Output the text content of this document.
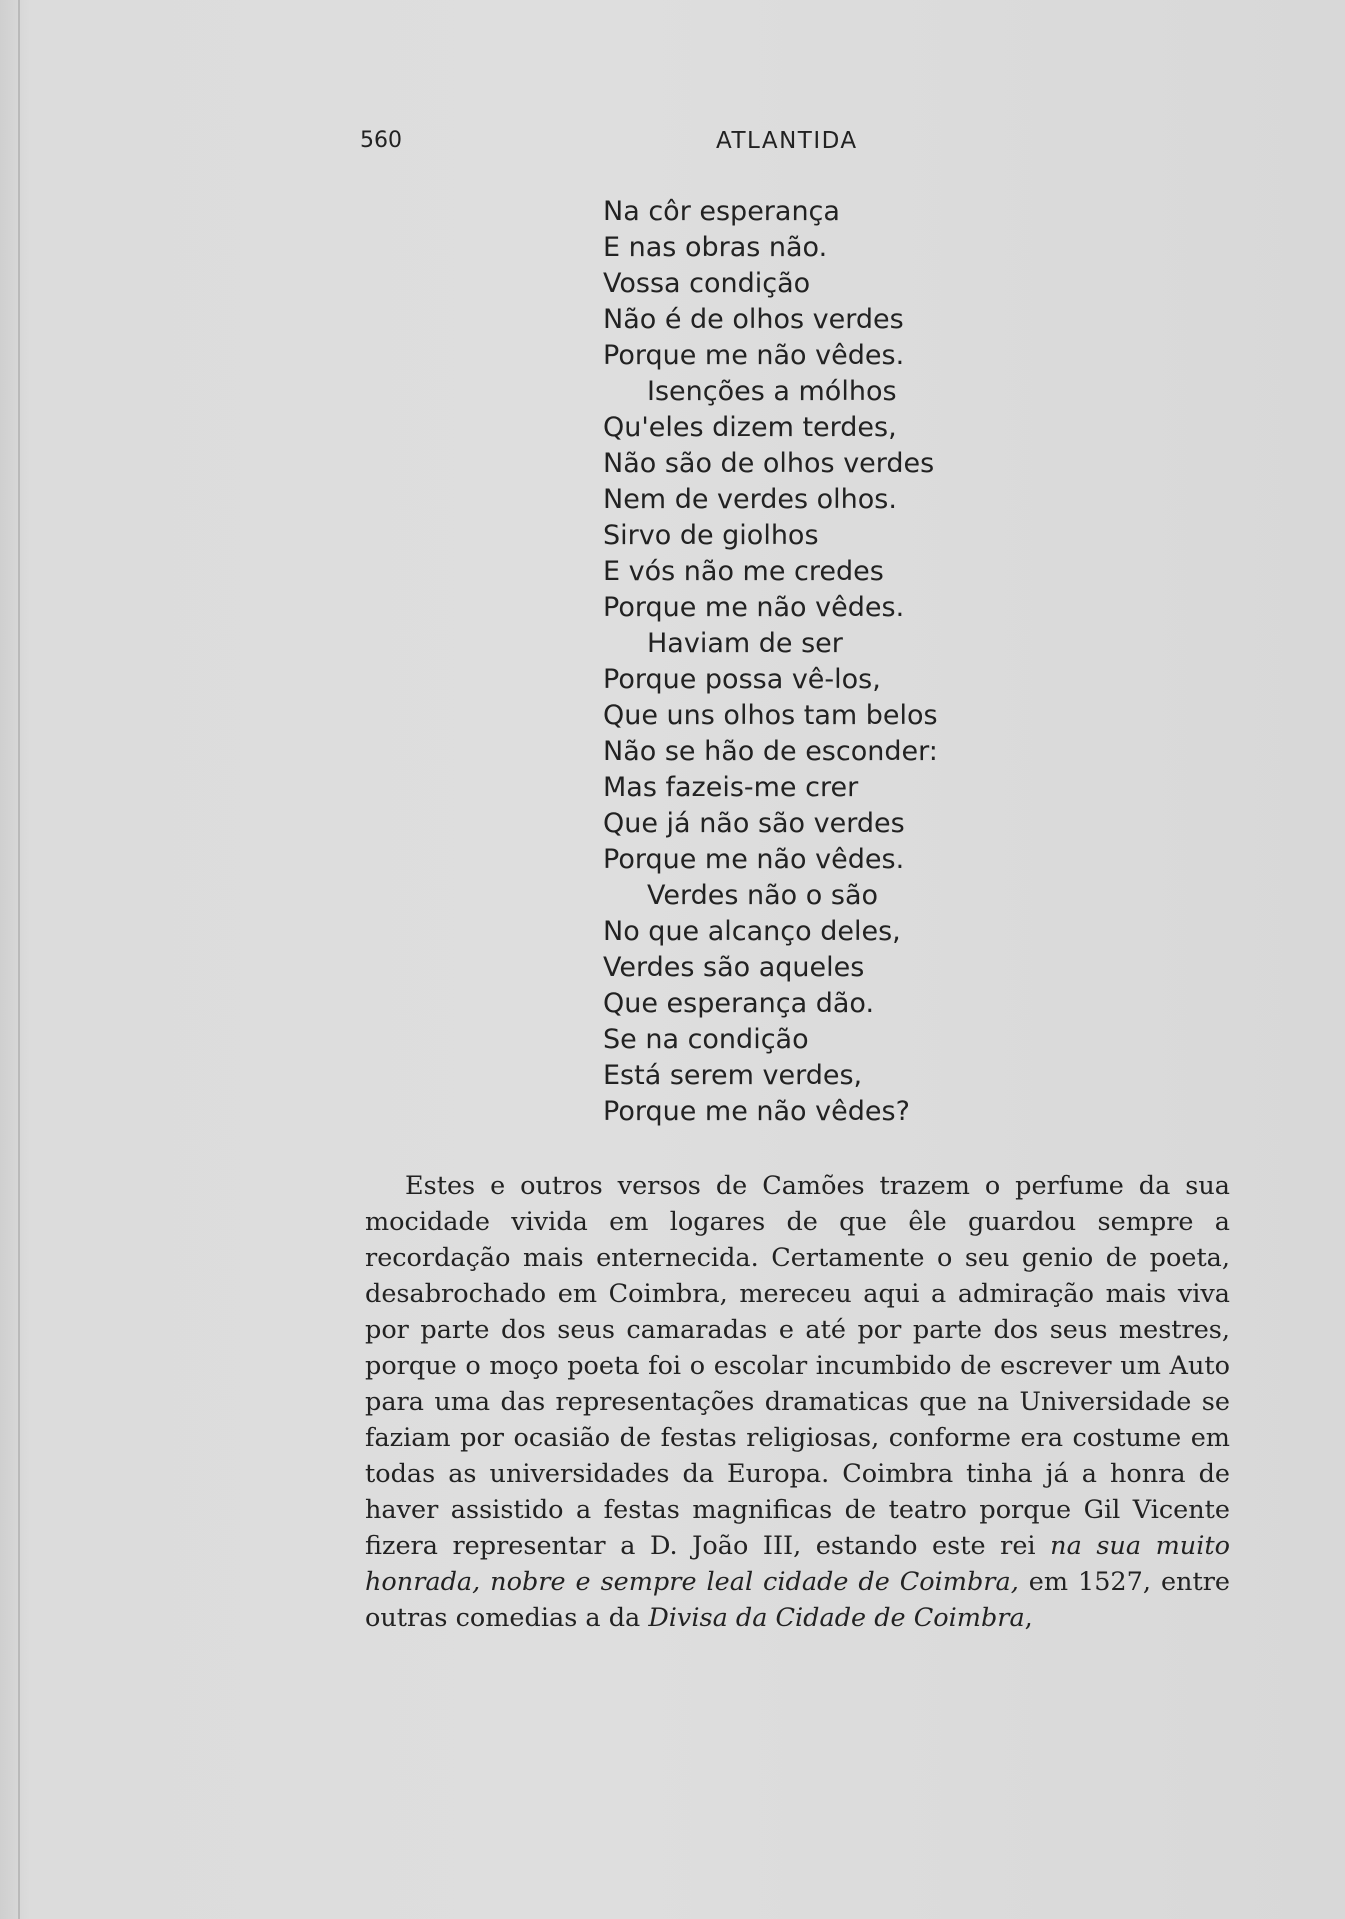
560	ATLANTIDA
Na côr esperança
E nas obras não.
Vossa condição
Não é de olhos verdes
Porque me não vêdes.
Isenções a mólhos
Qu'eles dizem terdes,
Não são de olhos verdes
Nem de verdes olhos.
Sirvo de giolhos
E vós não me credes
Porque me não vêdes.
Haviam de ser
Porque possa vê-los,
Que uns olhos tam belos
Não se hão de esconder:
Mas fazeis-me crer
Que já não são verdes
Porque me não vêdes.
Verdes não o são
No que alcanço deles,
Verdes são aqueles
Que esperança dão.
Se na condição
Está serem verdes,
Porque me não vêdes?

Estes e outros versos de Camões trazem o perfume da sua mocidade vivida em logares de que êle guardou sempre a recordação mais enternecida. Certamente o seu genio de poeta, desabrochado em Coimbra, mereceu aqui a admiração mais viva por parte dos seus camaradas e até por parte dos seus mestres, porque o moço poeta foi o escolar incumbido de escrever um Auto para uma das representações dramaticas que na Universidade se faziam por ocasião de festas religiosas, conforme era costume em todas as universidades da Europa. Coimbra tinha já a honra de haver assistido a festas magnificas de teatro porque Gil Vicente fizera representar a D. João III, estando este rei na sua muito honrada, nobre e sempre leal cidade de Coimbra, em 1527, entre outras comedias a da Divisa da Cidade de Coimbra,
